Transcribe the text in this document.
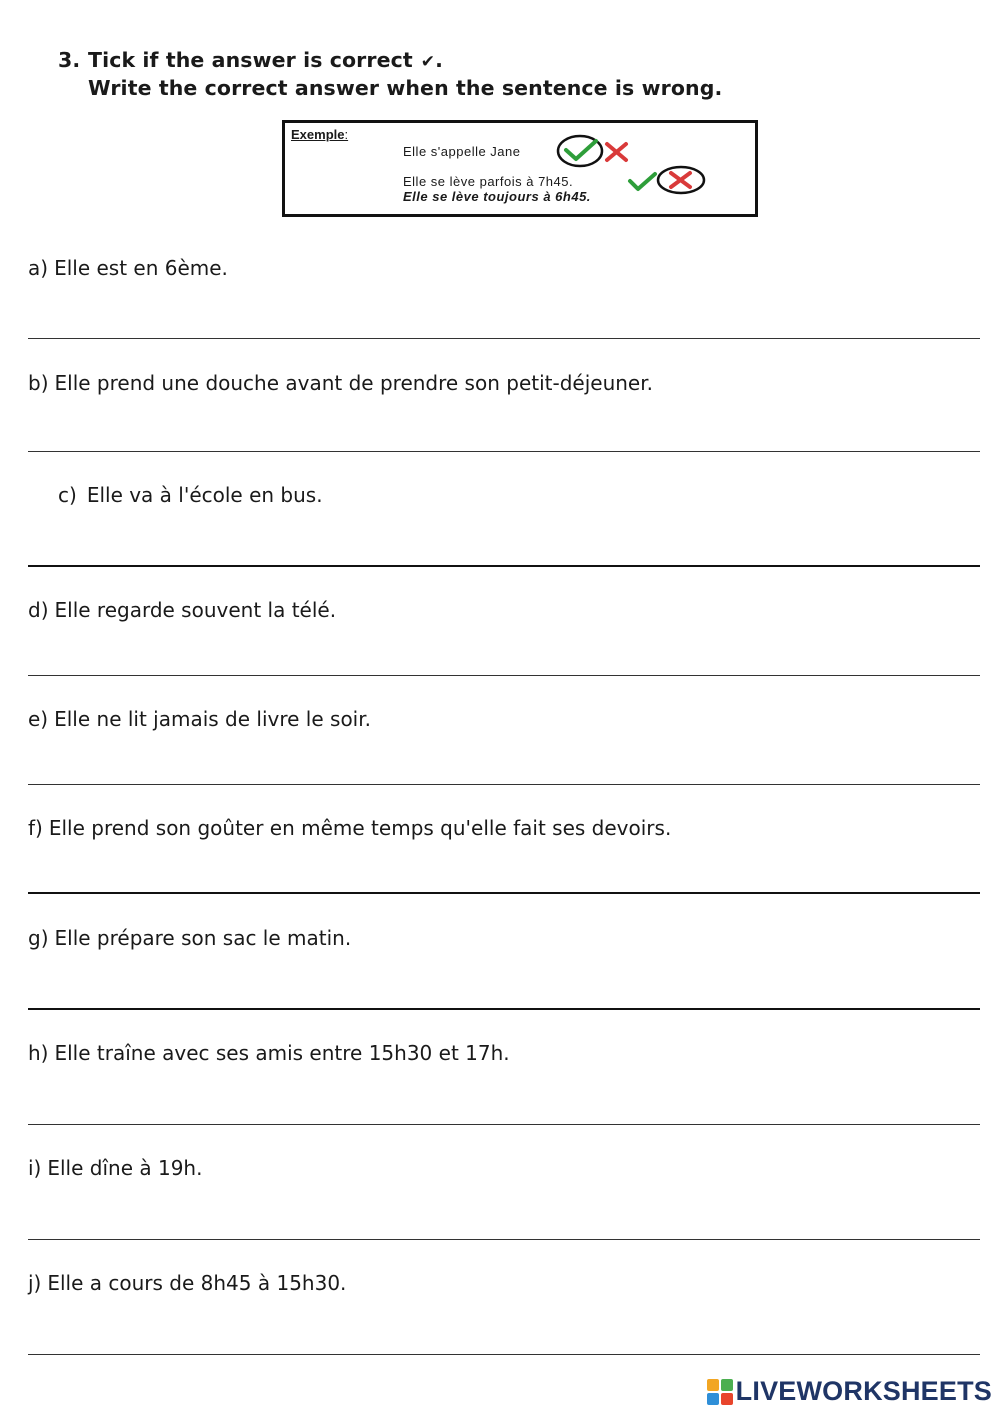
3. Tick if the answer is correct ✔.
Write the correct answer when the sentence is wrong.
Exemple:
Elle s'appelle Jane
Elle se lève parfois à 7h45.
Elle se lève toujours à 6h45.
a) Elle est en 6ème.
b) Elle prend une douche avant de prendre son petit-déjeuner.
c) Elle va à l'école en bus.
d) Elle regarde souvent la télé.
e) Elle ne lit jamais de livre le soir.
f) Elle prend son goûter en même temps qu'elle fait ses devoirs.
g) Elle prépare son sac le matin.
h) Elle traîne avec ses amis entre 15h30 et 17h.
i) Elle dîne à 19h.
j) Elle a cours de 8h45 à 15h30.
LIVEWORKSHEETS
